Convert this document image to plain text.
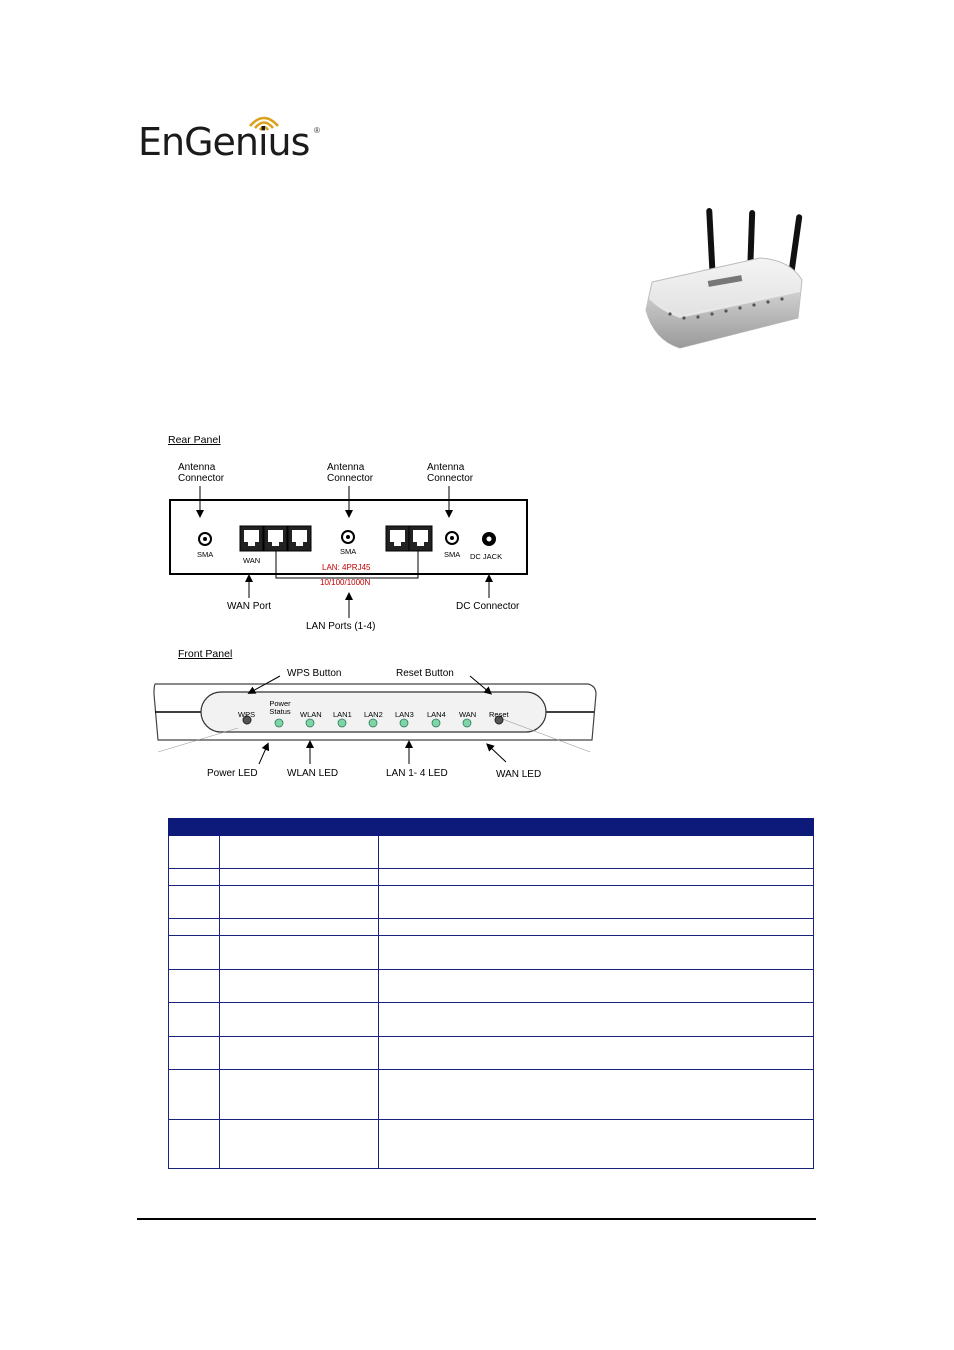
EnGenius ®
Rear Panel
Antenna
Connector
Antenna
Connector
Antenna
Connector
SMA	SMA	SMA
WAN	DC JACK
LAN: 4PRJ45
10/100/1000N
WAN Port	DC Connector
LAN Ports (1-4)
Front Panel
WPS Button	Reset Button
WPS
Power Status WLAN LAN1 LAN2 LAN3 LAN4 WAN Reset
Power LED	WLAN LED	LAN 1- 4 LED	WAN LED
